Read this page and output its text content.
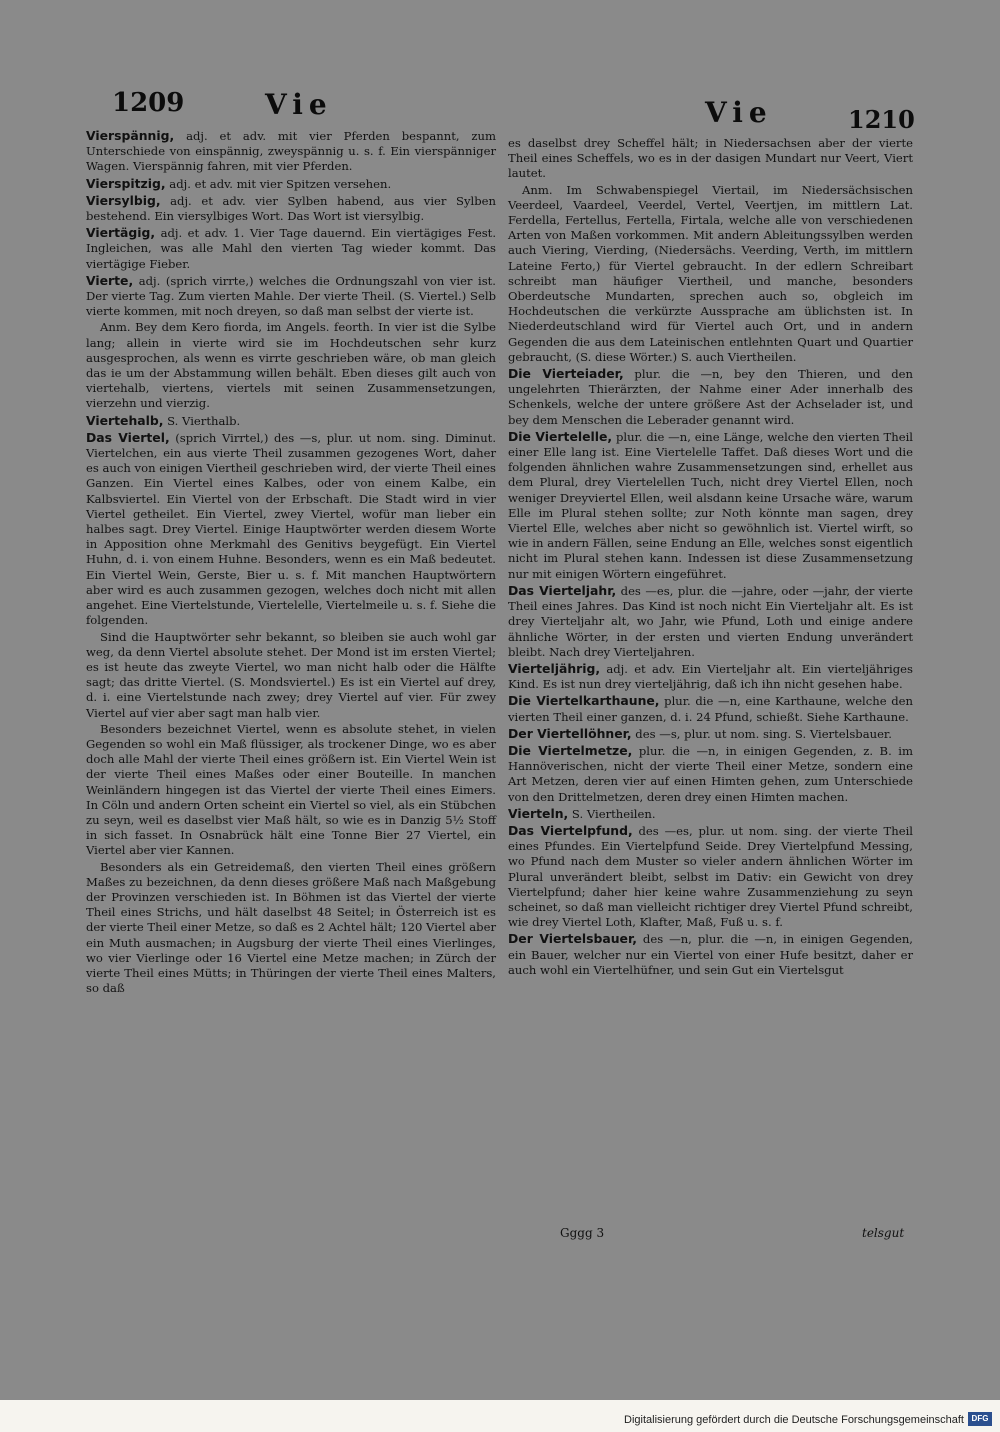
1209	Vie	Vie	1210
Vierspännig, adj. et adv. mit vier Pferden bespannt, zum Unterschiede von einspännig, zweyspännig u. s. f. Ein vierspänniger Wagen. Vierspännig fahren, mit vier Pferden.
Vierspitzig, adj. et adv. mit vier Spitzen versehen.
Viersylbig, adj. et adv. vier Sylben habend, aus vier Sylben bestehend. Ein viersylbiges Wort. Das Wort ist viersylbig.
Viertägig, adj. et adv. 1. Vier Tage dauernd. Ein viertägiges Fest. Ingleichen, was alle Mahl den vierten Tag wieder kommt. Das viertägige Fieber.
Vierte, adj. (sprich virrte,) welches die Ordnungszahl von vier ist. Der vierte Tag. Zum vierten Mahle. Der vierte Theil. (S. Viertel.) Selb vierte kommen, mit noch dreyen, so daß man selbst der vierte ist.
Anm. Bey dem Kero fiorda, im Angels. feorth. In vier ist die Sylbe lang; allein in vierte wird sie im Hochdeutschen sehr kurz ausgesprochen, als wenn es virrte geschrieben wäre, ob man gleich das ie um der Abstammung willen behält. Eben dieses gilt auch von viertehalb, viertens, viertels mit seinen Zusammensetzungen, vierzehn und vierzig.
Viertehalb, S. Vierthalb.
Das Viertel, (sprich Virrtel,) des —s, plur. ut nom. sing. Diminut. Viertelchen, ein aus vierte Theil zusammen gezogenes Wort, daher es auch von einigen Viertheil geschrieben wird, der vierte Theil eines Ganzen. Ein Viertel eines Kalbes, oder von einem Kalbe, ein Kalbsviertel. Ein Viertel von der Erbschaft. Die Stadt wird in vier Viertel getheilet. Ein Viertel, zwey Viertel, wofür man lieber ein halbes sagt. Drey Viertel. Einige Hauptwörter werden diesem Worte in Apposition ohne Merkmahl des Genitivs beygefügt. Ein Viertel Huhn, d. i. von einem Huhne. Besonders, wenn es ein Maß bedeutet. Ein Viertel Wein, Gerste, Bier u. s. f. Mit manchen Hauptwörtern aber wird es auch zusammen gezogen, welches doch nicht mit allen angehet. Eine Viertelstunde, Viertelelle, Viertelmeile u. s. f. Siehe die folgenden.
Sind die Hauptwörter sehr bekannt, so bleiben sie auch wohl gar weg, da denn Viertel absolute stehet. Der Mond ist im ersten Viertel; es ist heute das zweyte Viertel, wo man nicht halb oder die Hälfte sagt; das dritte Viertel. (S. Mondsviertel.) Es ist ein Viertel auf drey, d. i. eine Viertelstunde nach zwey; drey Viertel auf vier. Für zwey Viertel auf vier aber sagt man halb vier.
Besonders bezeichnet Viertel, wenn es absolute stehet, in vielen Gegenden so wohl ein Maß flüssiger, als trockener Dinge, wo es aber doch alle Mahl der vierte Theil eines größern ist. Ein Viertel Wein ist der vierte Theil eines Maßes oder einer Bouteille. In manchen Weinländern hingegen ist das Viertel der vierte Theil eines Eimers. In Cöln und andern Orten scheint ein Viertel so viel, als ein Stübchen zu seyn, weil es daselbst vier Maß hält, so wie es in Danzig 5½ Stoff in sich fasset. In Osnabrück hält eine Tonne Bier 27 Viertel, ein Viertel aber vier Kannen.
Besonders als ein Getreidemaß, den vierten Theil eines größern Maßes zu bezeichnen, da denn dieses größere Maß nach Maßgebung der Provinzen verschieden ist. In Böhmen ist das Viertel der vierte Theil eines Strichs, und hält daselbst 48 Seitel; in Österreich ist es der vierte Theil einer Metze, so daß es 2 Achtel hält; 120 Viertel aber ein Muth ausmachen; in Augsburg der vierte Theil eines Vierlinges, wo vier Vierlinge oder 16 Viertel eine Metze machen; in Zürch der vierte Theil eines Mütts; in Thüringen der vierte Theil eines Malters, so daß
es daselbst drey Scheffel hält; in Niedersachsen aber der vierte Theil eines Scheffels, wo es in der dasigen Mundart nur Veert, Viert lautet.
Anm. Im Schwabenspiegel Viertail, im Niedersächsischen Veerdeel, Vaardeel, Veerdel, Vertel, Veertjen, im mittlern Lat. Ferdella, Fertellus, Fertella, Firtala, welche alle von verschiedenen Arten von Maßen vorkommen. Mit andern Ableitungssylben werden auch Viering, Vierding, (Niedersächs. Veerding, Verth, im mittlern Lateine Ferto,) für Viertel gebraucht. In der edlern Schreibart schreibt man häufiger Viertheil, und manche, besonders Oberdeutsche Mundarten, sprechen auch so, obgleich im Hochdeutschen die verkürzte Aussprache am üblichsten ist. In Niederdeutschland wird für Viertel auch Ort, und in andern Gegenden die aus dem Lateinischen entlehnten Quart und Quartier gebraucht, (S. diese Wörter.) S. auch Viertheilen.
Die Vierteiader, plur. die —n, bey den Thieren, und den ungelehrten Thierärzten, der Nahme einer Ader innerhalb des Schenkels, welche der untere größere Ast der Achselader ist, und bey dem Menschen die Leberader genannt wird.
Die Viertelelle, plur. die —n, eine Länge, welche den vierten Theil einer Elle lang ist. Eine Viertelelle Taffet. Daß dieses Wort und die folgenden ähnlichen wahre Zusammensetzungen sind, erhellet aus dem Plural, drey Viertelellen Tuch, nicht drey Viertel Ellen, noch weniger Dreyviertel Ellen, weil alsdann keine Ursache wäre, warum Elle im Plural stehen sollte; zur Noth könnte man sagen, drey Viertel Elle, welches aber nicht so gewöhnlich ist. Viertel wirft, so wie in andern Fällen, seine Endung an Elle, welches sonst eigentlich nicht im Plural stehen kann. Indessen ist diese Zusammensetzung nur mit einigen Wörtern eingeführet.
Das Vierteljahr, des —es, plur. die —jahre, oder —jahr, der vierte Theil eines Jahres. Das Kind ist noch nicht Ein Vierteljahr alt. Es ist drey Vierteljahr alt, wo Jahr, wie Pfund, Loth und einige andere ähnliche Wörter, in der ersten und vierten Endung unverändert bleibt. Nach drey Vierteljahren.
Vierteljährig, adj. et adv. Ein Vierteljahr alt. Ein vierteljähriges Kind. Es ist nun drey vierteljährig, daß ich ihn nicht gesehen habe.
Die Viertelkarthaune, plur. die —n, eine Karthaune, welche den vierten Theil einer ganzen, d. i. 24 Pfund, schießt. Siehe Karthaune.
Der Viertellöhner, des —s, plur. ut nom. sing. S. Viertelsbauer.
Die Viertelmetze, plur. die —n, in einigen Gegenden, z. B. im Hannöverischen, nicht der vierte Theil einer Metze, sondern eine Art Metzen, deren vier auf einen Himten gehen, zum Unterschiede von den Drittelmetzen, deren drey einen Himten machen.
Vierteln, S. Viertheilen.
Das Viertelpfund, des —es, plur. ut nom. sing. der vierte Theil eines Pfundes. Ein Viertelpfund Seide. Drey Viertelpfund Messing, wo Pfund nach dem Muster so vieler andern ähnlichen Wörter im Plural unverändert bleibt, selbst im Dativ: ein Gewicht von drey Viertelpfund; daher hier keine wahre Zusammenziehung zu seyn scheinet, so daß man vielleicht richtiger drey Viertel Pfund schreibt, wie drey Viertel Loth, Klafter, Maß, Fuß u. s. f.
Der Viertelsbauer, des —n, plur. die —n, in einigen Gegenden, ein Bauer, welcher nur ein Viertel von einer Hufe besitzt, daher er auch wohl ein Viertelhüfner, und sein Gut ein Viertelsgut
Gggg 3	telsgut
Digitalisierung gefördert durch die Deutsche Forschungsgemeinschaft DFG
